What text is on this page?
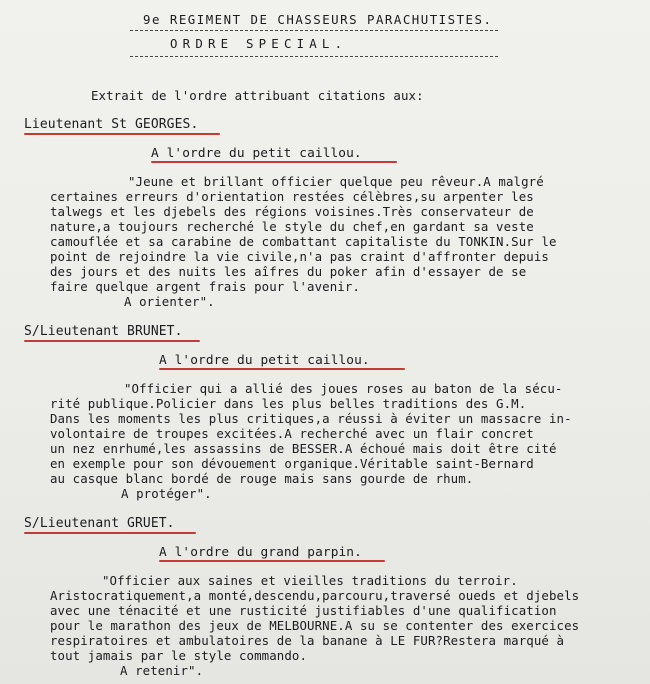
9e REGIMENT DE CHASSEURS PARACHUTISTES.
ORDRE SPECIAL.
Extrait de l'ordre attribuant citations aux:
Lieutenant St GEORGES.
A l'ordre du petit caillou.
"Jeune et brillant officier quelque peu rêveur.A malgré
certaines erreurs d'orientation restées célèbres,su arpenter les
talwegs et les djebels des régions voisines.Très conservateur de
nature,a toujours recherché le style du chef,en gardant sa veste
camouflée et sa carabine de combattant capitaliste du TONKIN.Sur le
point de rejoindre la vie civile,n'a pas craint d'affronter depuis
des jours et des nuits les aîfres du poker afin d'essayer de se
faire quelque argent frais pour l'avenir.
A orienter".
S/Lieutenant BRUNET.
A l'ordre du petit caillou.
"Officier qui a allié des joues roses au baton de la sécu-
rité publique.Policier dans les plus belles traditions des G.M.
Dans les moments les plus critiques,a réussi à éviter un massacre in-
volontaire de troupes excitées.A recherché avec un flair concret
un nez enrhumé,les assassins de BESSER.A échoué mais doit être cité
en exemple pour son dévouement organique.Véritable saint-Bernard
au casque blanc bordé de rouge mais sans gourde de rhum.
A protéger".
S/Lieutenant GRUET.
A l'ordre du grand parpin.
"Officier aux saines et vieilles traditions du terroir.
Aristocratiquement,a monté,descendu,parcouru,traversé oueds et djebels
avec une ténacité et une rusticité justifiables d'une qualification
pour le marathon des jeux de MELBOURNE.A su se contenter des exercices
respiratoires et ambulatoires de la banane à LE FUR?Restera marqué à
tout jamais par le style commando.
A retenir".
